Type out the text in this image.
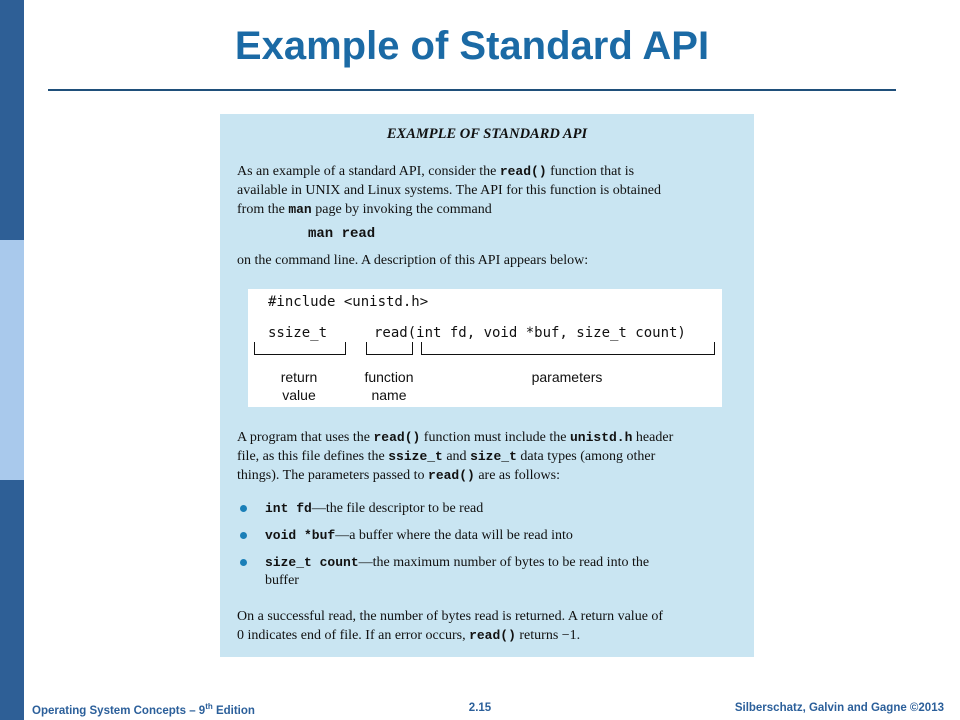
Example of Standard API
EXAMPLE OF STANDARD API
As an example of a standard API, consider the read() function that is
available in UNIX and Linux systems. The API for this function is obtained
from the man page by invoking the command
man read
on the command line. A description of this API appears below:
#include <unistd.h>
ssize_t	read(int fd, void *buf, size_t count)
return
value
function
name
parameters
A program that uses the read() function must include the unistd.h header
file, as this file defines the ssize_t and size_t data types (among other
things). The parameters passed to read() are as follows:
int fd—the file descriptor to be read
void *buf—a buffer where the data will be read into
size_t count—the maximum number of bytes to be read into the
buffer
On a successful read, the number of bytes read is returned. A return value of
0 indicates end of file. If an error occurs, read() returns −1.
Operating System Concepts – 9th Edition	2.15	Silberschatz, Galvin and Gagne ©2013
